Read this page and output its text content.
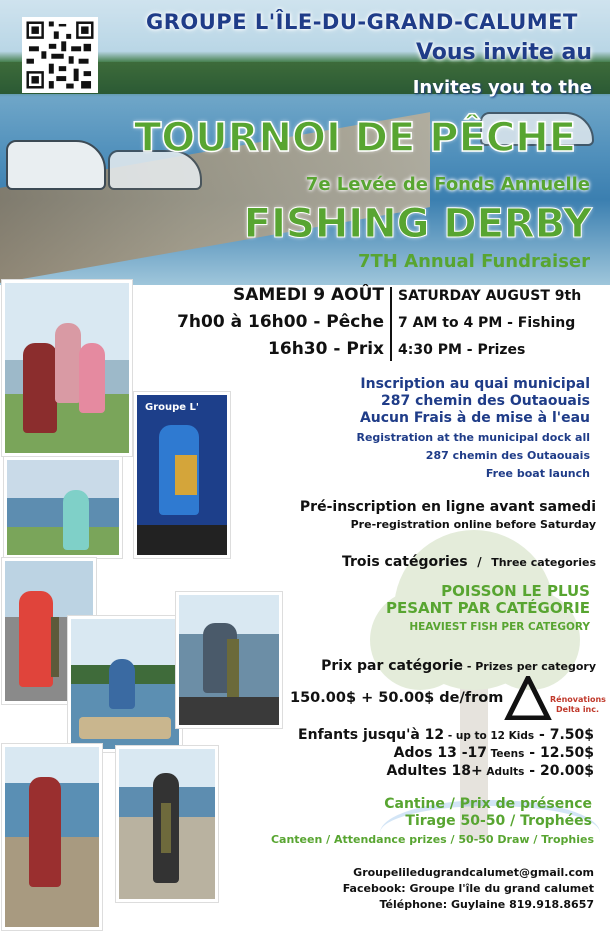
GROUPE L'ÎLE-DU-GRAND-CALUMET
Vous invite au
Invites you to the
TOURNOI DE PÊCHE
7e Levée de Fonds Annuelle
FISHING DERBY
7TH Annual Fundraiser
SAMEDI 9 AOÛT
7h00 à 16h00 - Pêche
16h30 - Prix
SATURDAY AUGUST 9th
7 AM to 4 PM - Fishing
4:30 PM - Prizes
Groupe L'
Inscription au quai municipal
287 chemin des Outaouais
Aucun Frais à de mise à l'eau
Registration at the municipal dock all
287 chemin des Outaouais
Free boat launch
Pré-inscription en ligne avant samedi
Pre-registration online before Saturday
Trois catégories / Three categories
POISSON LE PLUS
PESANT PAR CATÉGORIE
HEAVIEST FISH PER CATEGORY
Prix par catégorie - Prizes per category
150.00$ + 50.00$ de/from	Rénovations
Delta inc.
Enfants jusqu'à 12 - up to 12 Kids - 7.50$
Ados 13 -17 Teens - 12.50$
Adultes 18+ Adults - 20.00$
Cantine / Prix de présence
Tirage 50-50 / Trophées
Canteen / Attendance prizes / 50-50 Draw / Trophies
Groupeliledugrandcalumet@gmail.com
Facebook: Groupe l'île du grand calumet
Téléphone: Guylaine 819.918.8657
